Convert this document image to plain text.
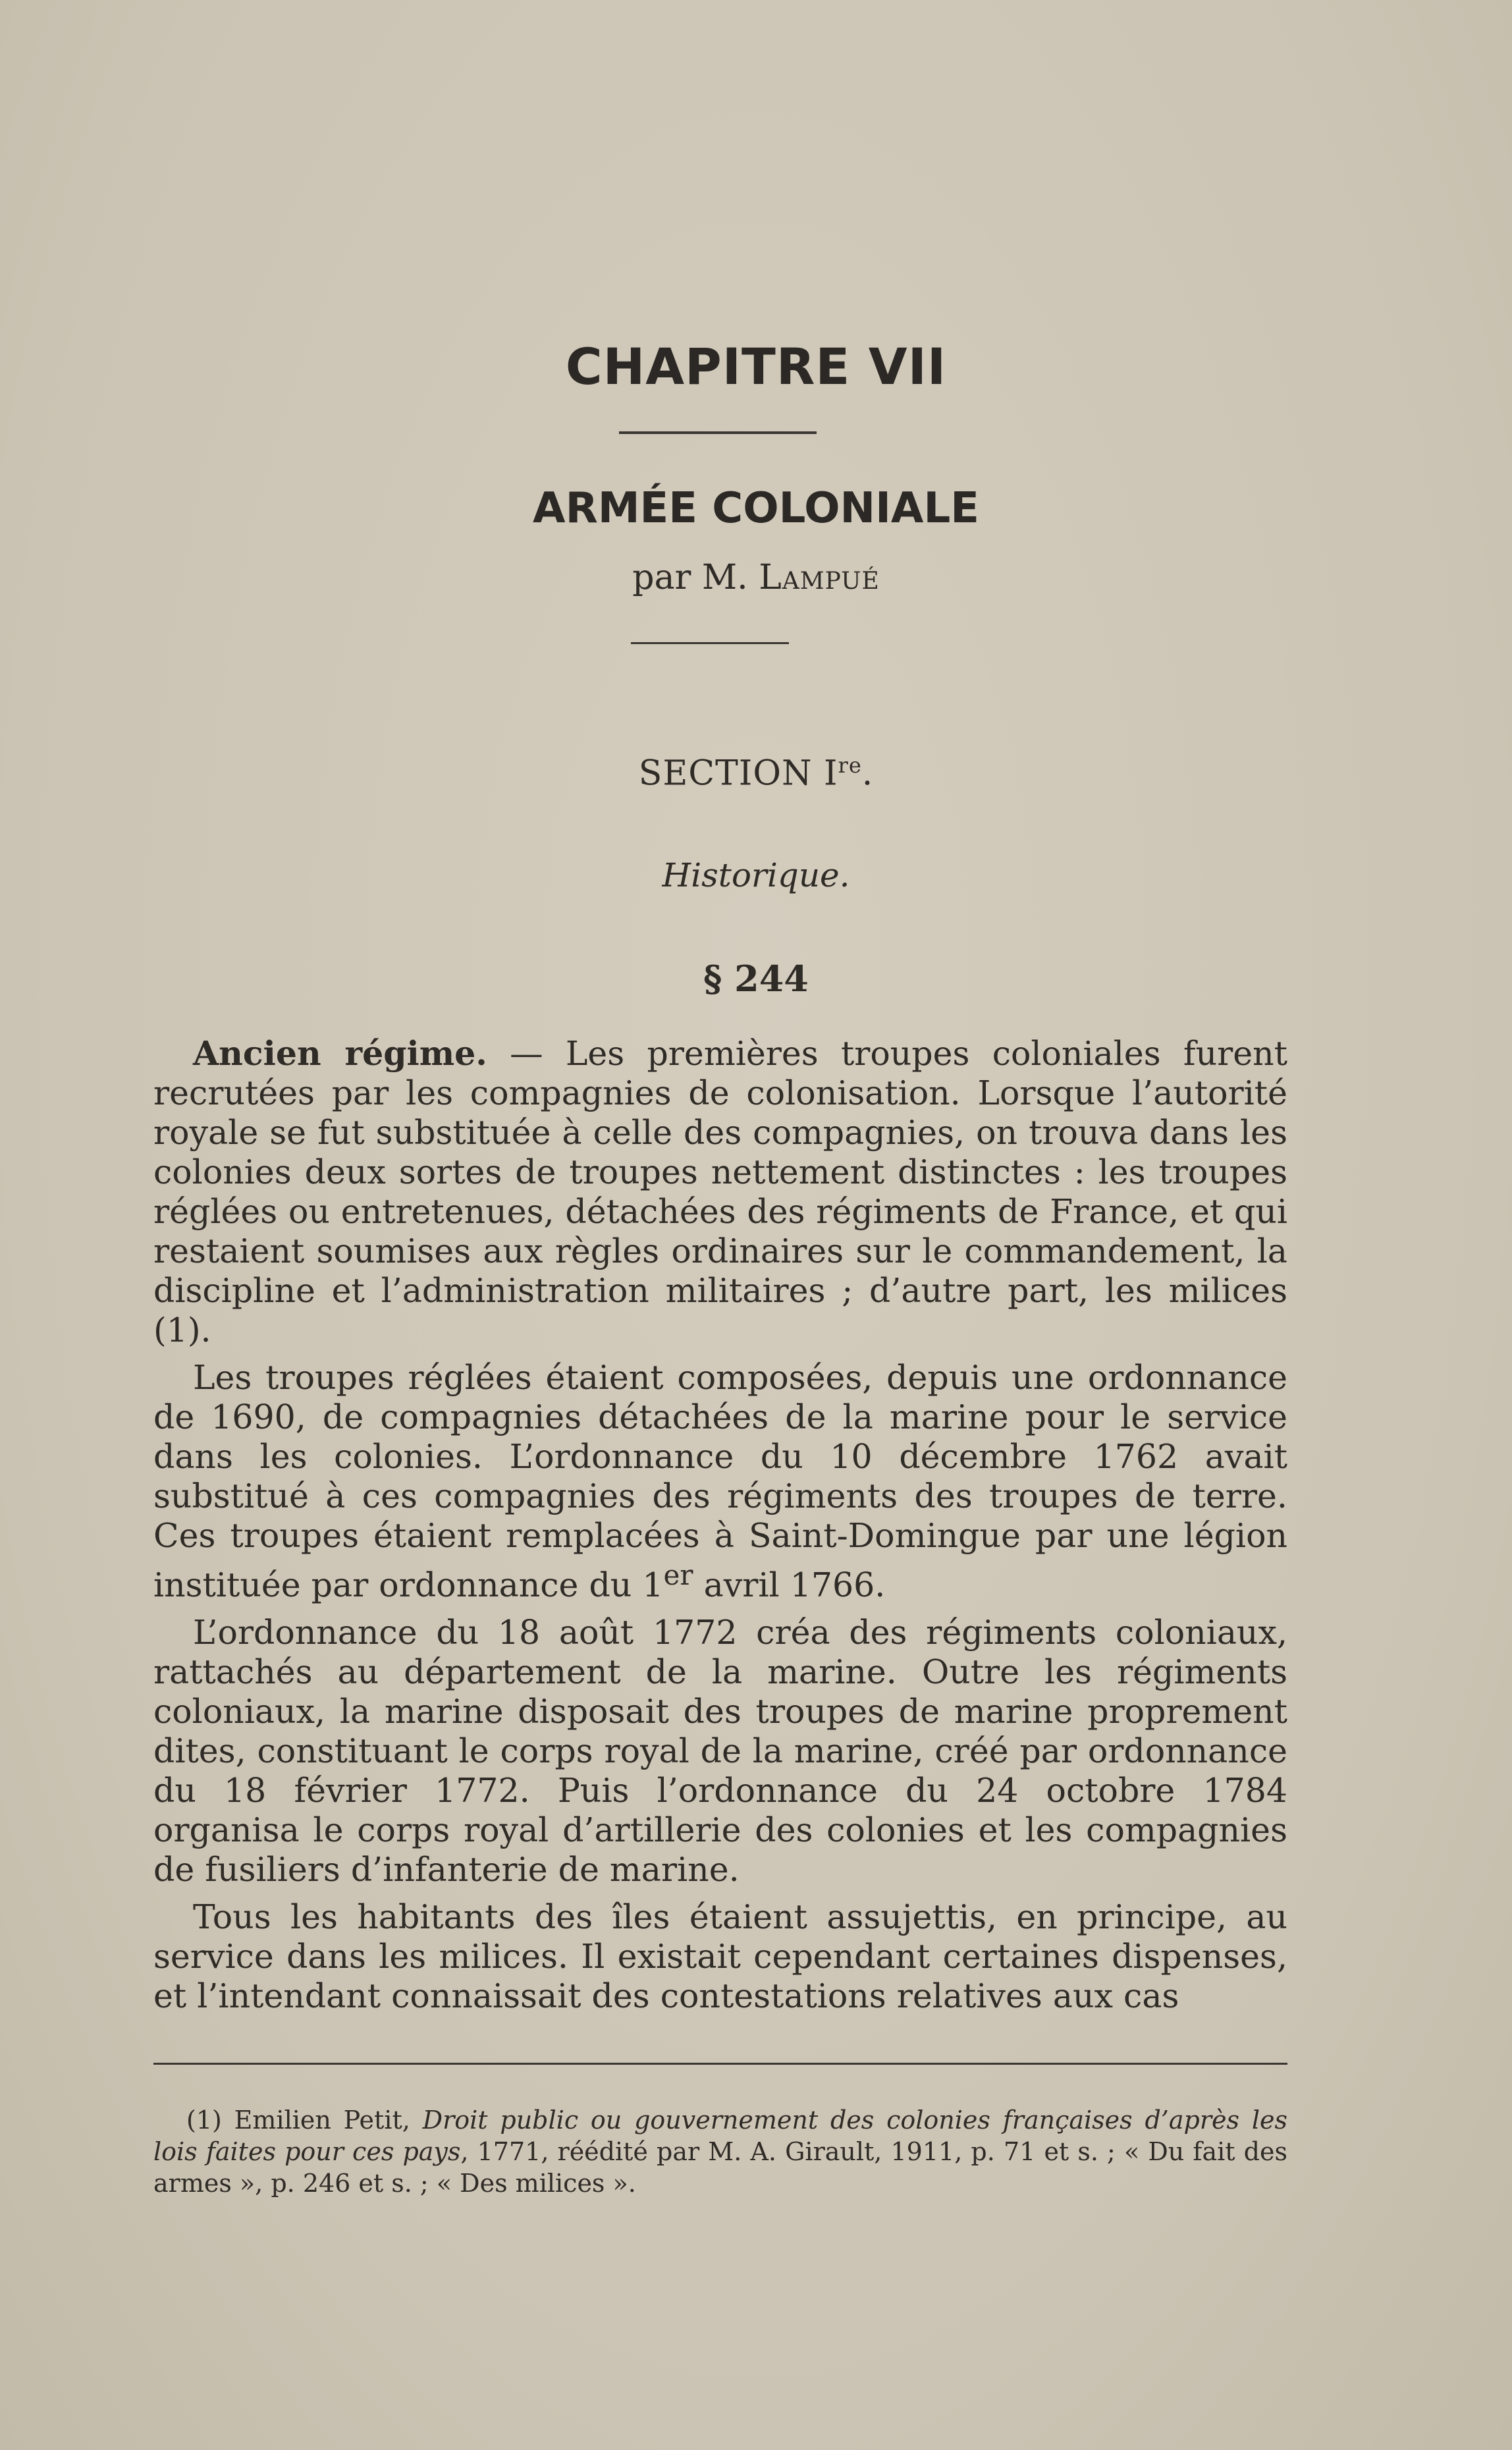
CHAPITRE VII
ARMÉE COLONIALE
par M. Lampué
SECTION Ire.
Historique.
§ 244

Ancien régime. — Les premières troupes coloniales furent recrutées par les compagnies de colonisation. Lorsque l’autorité royale se fut substituée à celle des compagnies, on trouva dans les colonies deux sortes de troupes nettement distinctes : les troupes réglées ou entretenues, détachées des régiments de France, et qui restaient soumises aux règles ordinaires sur le commandement, la discipline et l’administration militaires ; d’autre part, les milices (1).

Les troupes réglées étaient composées, depuis une ordonnance de 1690, de compagnies détachées de la marine pour le service dans les colonies. L’ordonnance du 10 décembre 1762 avait substitué à ces compagnies des régiments des troupes de terre. Ces troupes étaient remplacées à Saint-Domingue par une légion instituée par ordonnance du 1er avril 1766.

L’ordonnance du 18 août 1772 créa des régiments coloniaux, rattachés au département de la marine. Outre les régiments coloniaux, la marine disposait des troupes de marine proprement dites, constituant le corps royal de la marine, créé par ordonnance du 18 février 1772. Puis l’ordonnance du 24 octobre 1784 organisa le corps royal d’artillerie des colonies et les compagnies de fusiliers d’infanterie de marine.

Tous les habitants des îles étaient assujettis, en principe, au service dans les milices. Il existait cependant certaines dispenses, et l’intendant connaissait des contestations relatives aux cas

(1) Emilien Petit, Droit public ou gouvernement des colonies françaises d’après les lois faites pour ces pays, 1771, réédité par M. A. Girault, 1911, p. 71 et s. ; « Du fait des armes », p. 246 et s. ; « Des milices ».
